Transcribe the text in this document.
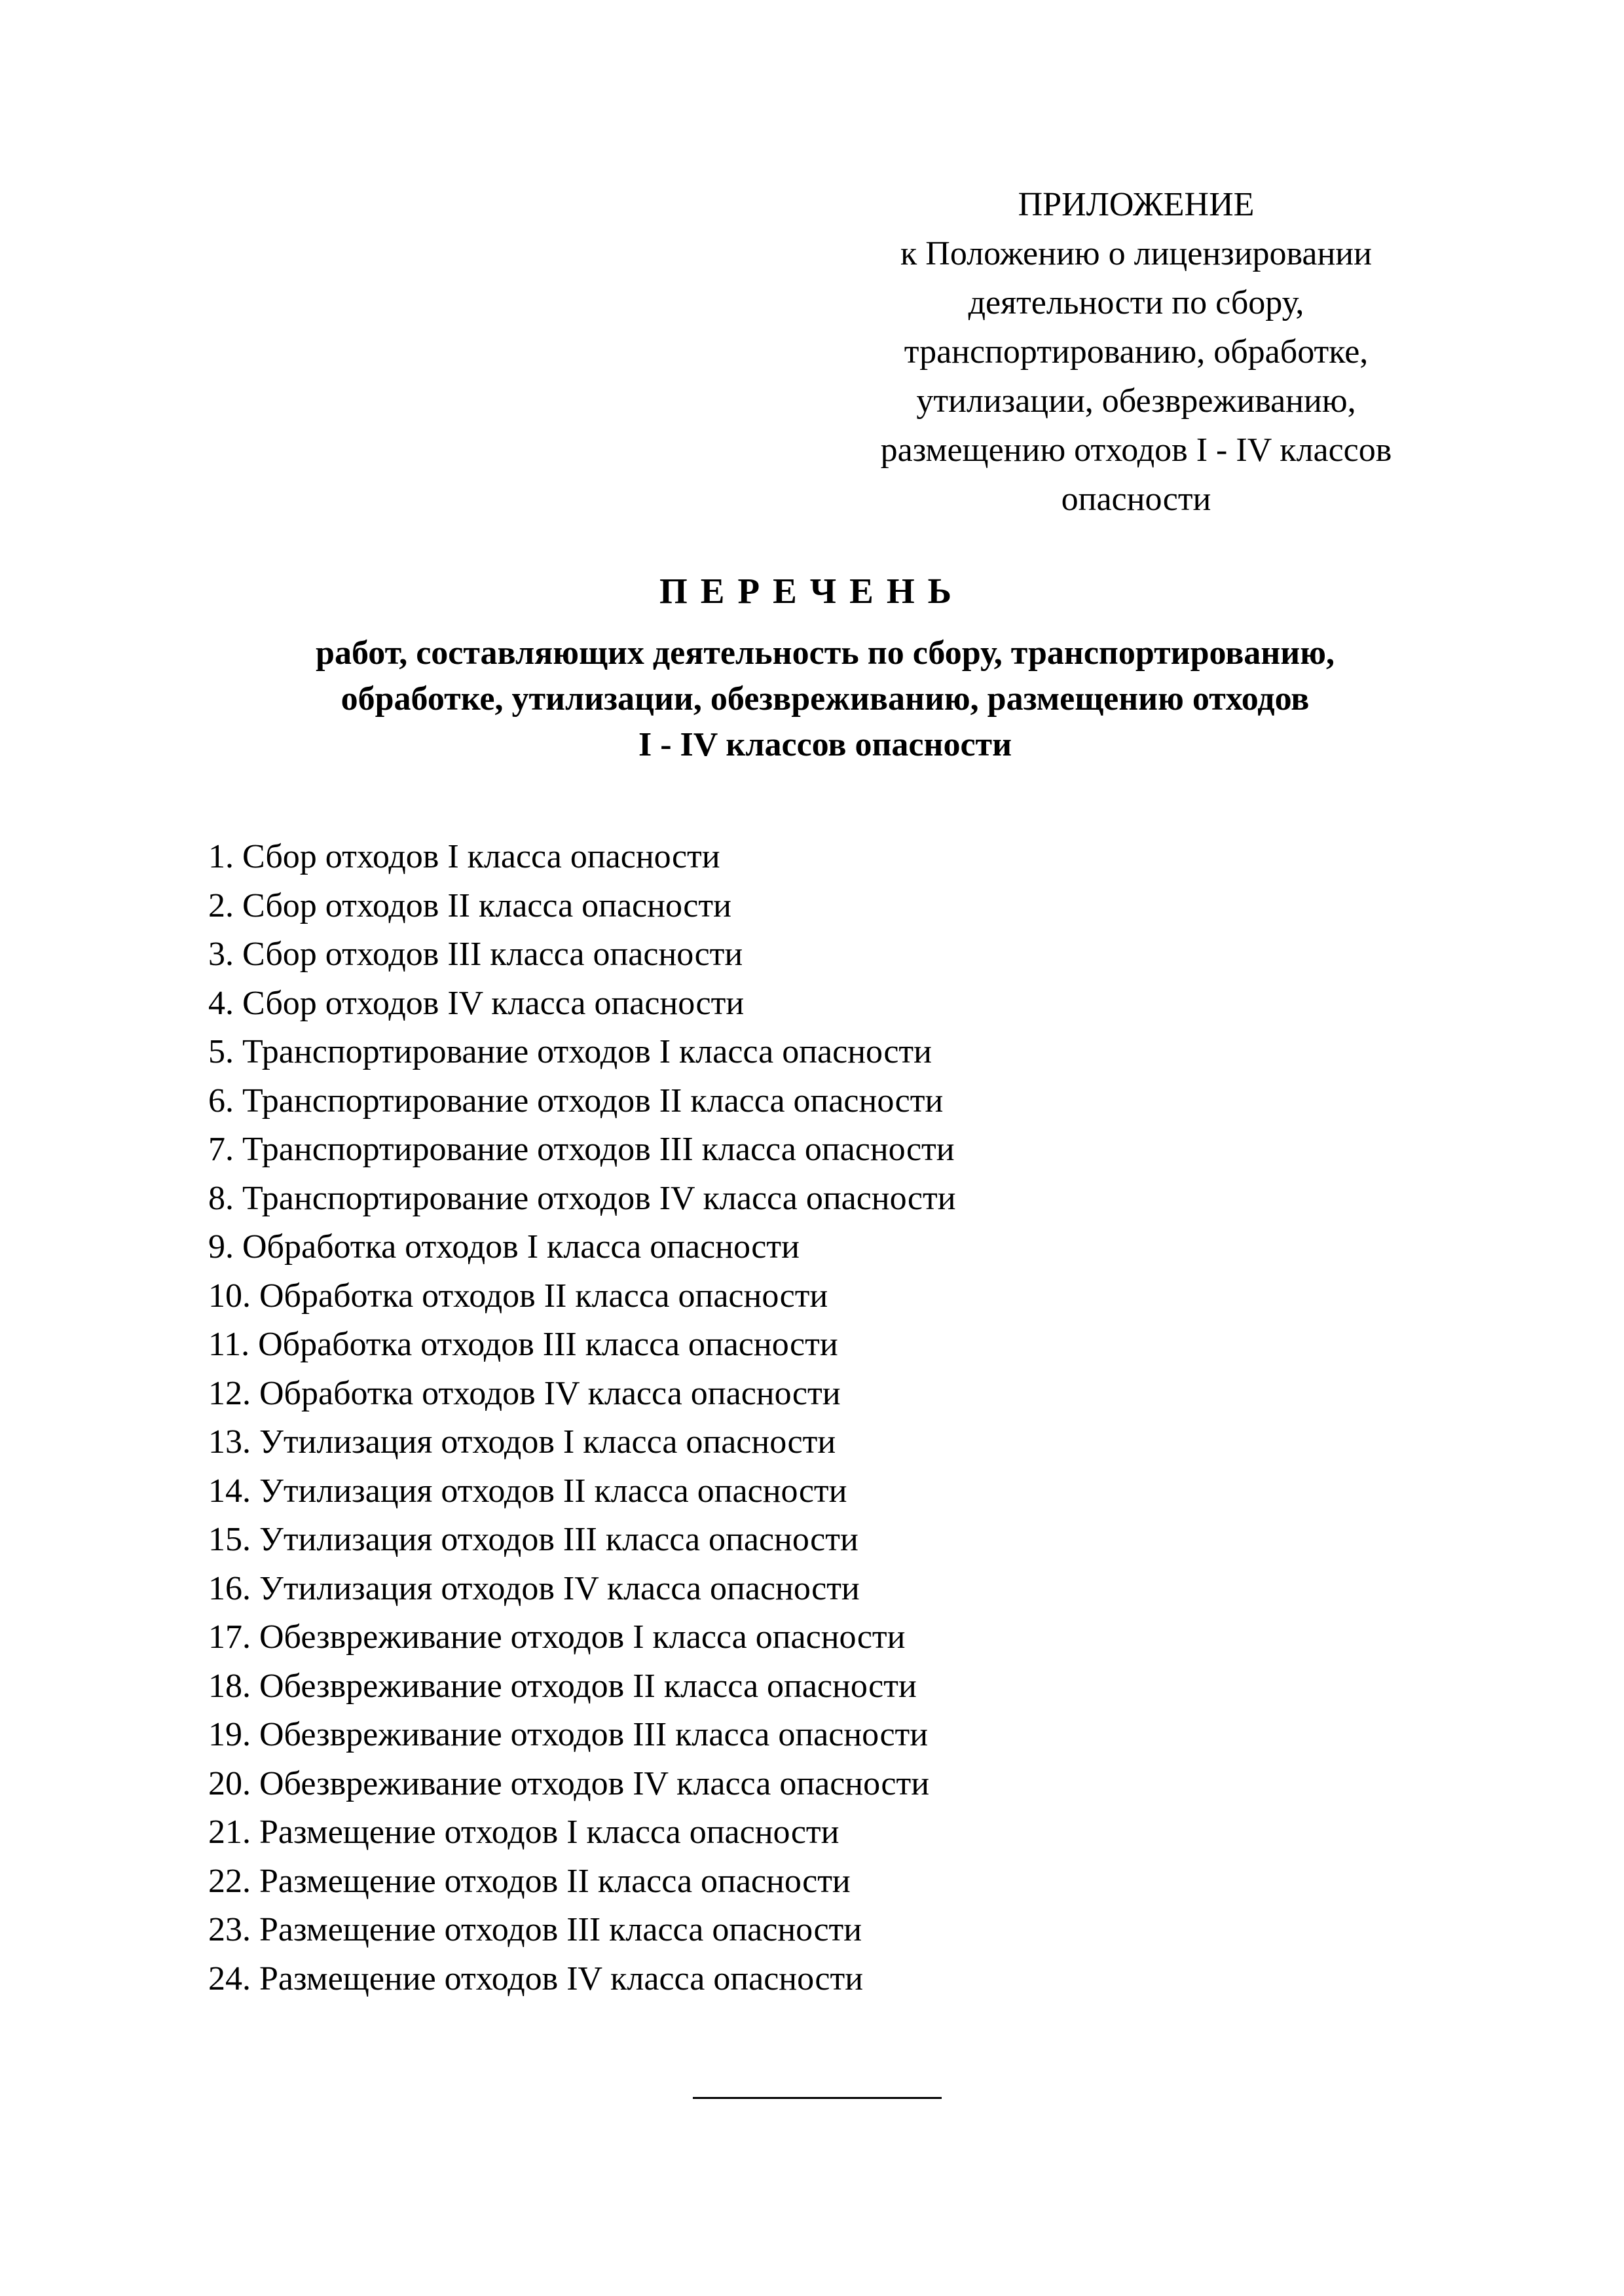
ПРИЛОЖЕНИЕ
к Положению о лицензировании
деятельности по сбору,
транспортированию, обработке,
утилизации, обезвреживанию,
размещению отходов I - IV классов
опасности
ПЕРЕЧЕНЬ
работ, составляющих деятельность по сбору, транспортированию,
обработке, утилизации, обезвреживанию, размещению отходов
I - IV классов опасности
1. Сбор отходов I класса опасности
2. Сбор отходов II класса опасности
3. Сбор отходов III класса опасности
4. Сбор отходов IV класса опасности
5. Транспортирование отходов I класса опасности
6. Транспортирование отходов II класса опасности
7. Транспортирование отходов III класса опасности
8. Транспортирование отходов IV класса опасности
9. Обработка отходов I класса опасности
10. Обработка отходов II класса опасности
11. Обработка отходов III класса опасности
12. Обработка отходов IV класса опасности
13. Утилизация отходов I класса опасности
14. Утилизация отходов II класса опасности
15. Утилизация отходов III класса опасности
16. Утилизация отходов IV класса опасности
17. Обезвреживание отходов I класса опасности
18. Обезвреживание отходов II класса опасности
19. Обезвреживание отходов III класса опасности
20. Обезвреживание отходов IV класса опасности
21. Размещение отходов I класса опасности
22. Размещение отходов II класса опасности
23. Размещение отходов III класса опасности
24. Размещение отходов IV класса опасности
